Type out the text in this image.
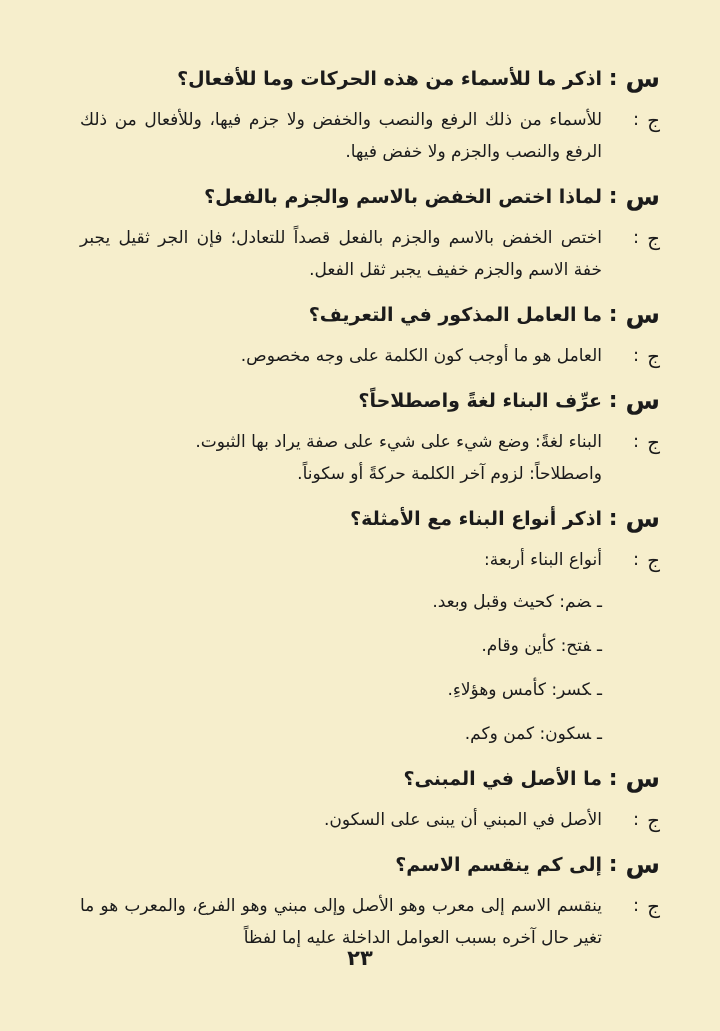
س
:
اذكر ما للأسماء من هذه الحركات وما للأفعال؟
ج
:
للأسماء من ذلك الرفع والنصب والخفض ولا جزم فيها، وللأفعال من ذلك الرفع والنصب والجزم ولا خفض فيها.
س
:
لماذا اختص الخفض بالاسم والجزم بالفعل؟
ج
:
اختص الخفض بالاسم والجزم بالفعل قصداً للتعادل؛ فإن الجر ثقيل يجبر خفة الاسم والجزم خفيف يجبر ثقل الفعل.
س
:
ما العامل المذكور في التعريف؟
ج
:
العامل هو ما أوجب كون الكلمة على وجه مخصوص.
س
:
عرِّف البناء لغةً واصطلاحاً؟
ج
:
البناء لغةً: وضع شيء على شيء على صفة يراد بها الثبوت.
واصطلاحاً: لزوم آخر الكلمة حركةً أو سكوناً.
س
:
اذكر أنواع البناء مع الأمثلة؟
ج
:
أنواع البناء أربعة:
ـضم: كحيث وقبل وبعد.
ـفتح: كأين وقام.
ـكسر: كأمس وهؤلاءِ.
ـسكون: كمن وكم.
س
:
ما الأصل في المبنى؟
ج
:
الأصل في المبني أن يبنى على السكون.
س
:
إلى كم ينقسم الاسم؟
ج
:
ينقسم الاسم إلى معرب وهو الأصل وإلى مبني وهو الفرع، والمعرب هو ما تغير حال آخره بسبب العوامل الداخلة عليه إما لفظاً
٢٣
